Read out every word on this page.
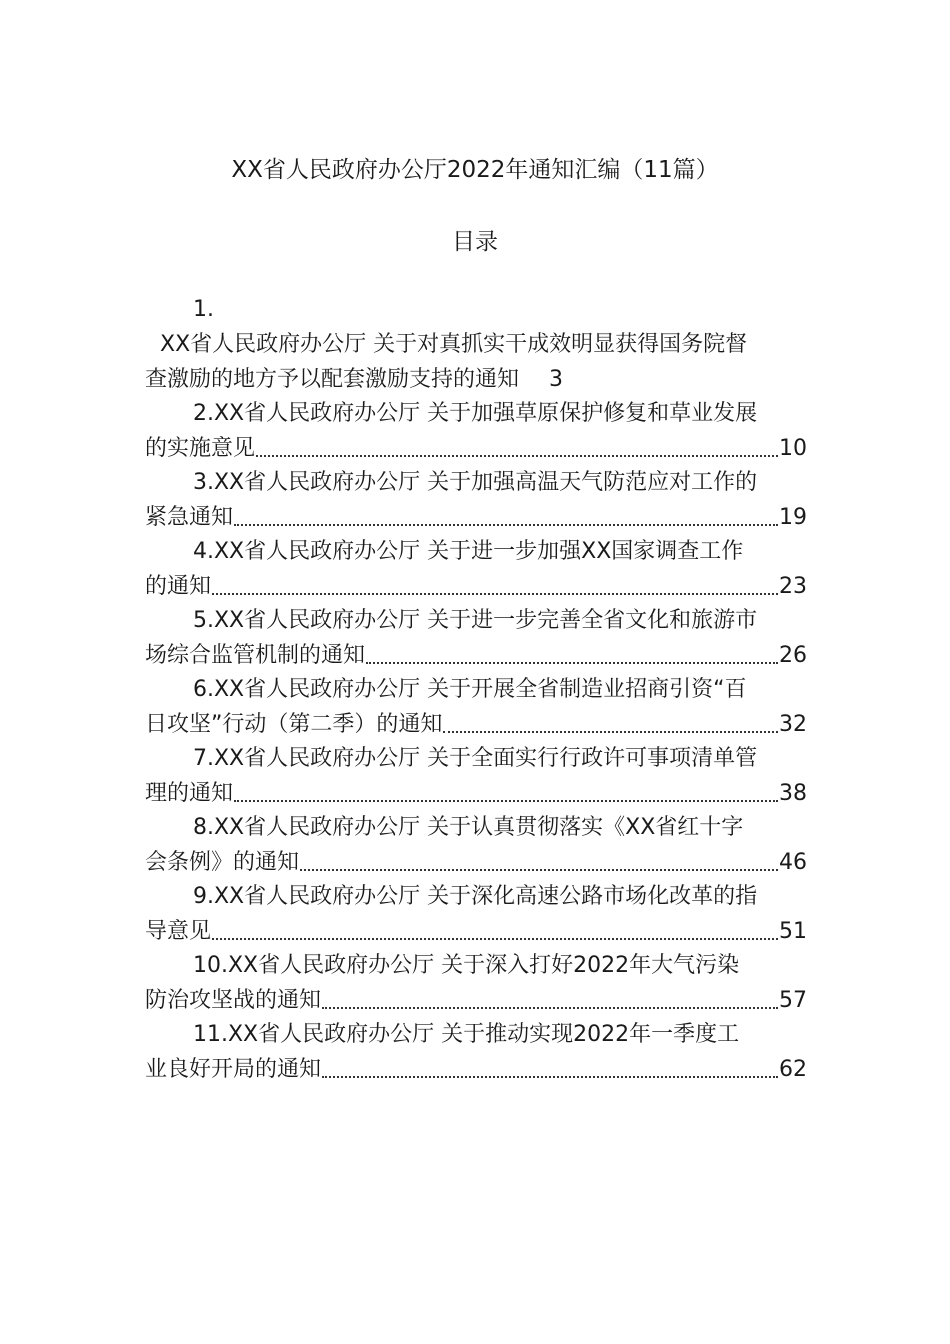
XX省人民政府办公厅2022年通知汇编（11篇）
目录
1.
XX省人民政府办公厅 关于对真抓实干成效明显获得国务院督
查激励的地方予以配套激励支持的通知 3
2.XX省人民政府办公厅 关于加强草原保护修复和草业发展
的实施意见	10
3.XX省人民政府办公厅 关于加强高温天气防范应对工作的
紧急通知	19
4.XX省人民政府办公厅 关于进一步加强XX国家调查工作
的通知	23
5.XX省人民政府办公厅 关于进一步完善全省文化和旅游市
场综合监管机制的通知	26
6.XX省人民政府办公厅 关于开展全省制造业招商引资“百
日攻坚”行动（第二季）的通知	32
7.XX省人民政府办公厅 关于全面实行行政许可事项清单管
理的通知	38
8.XX省人民政府办公厅 关于认真贯彻落实《XX省红十字
会条例》的通知	46
9.XX省人民政府办公厅 关于深化高速公路市场化改革的指
导意见	51
10.XX省人民政府办公厅 关于深入打好2022年大气污染
防治攻坚战的通知	57
11.XX省人民政府办公厅 关于推动实现2022年一季度工
业良好开局的通知	62
